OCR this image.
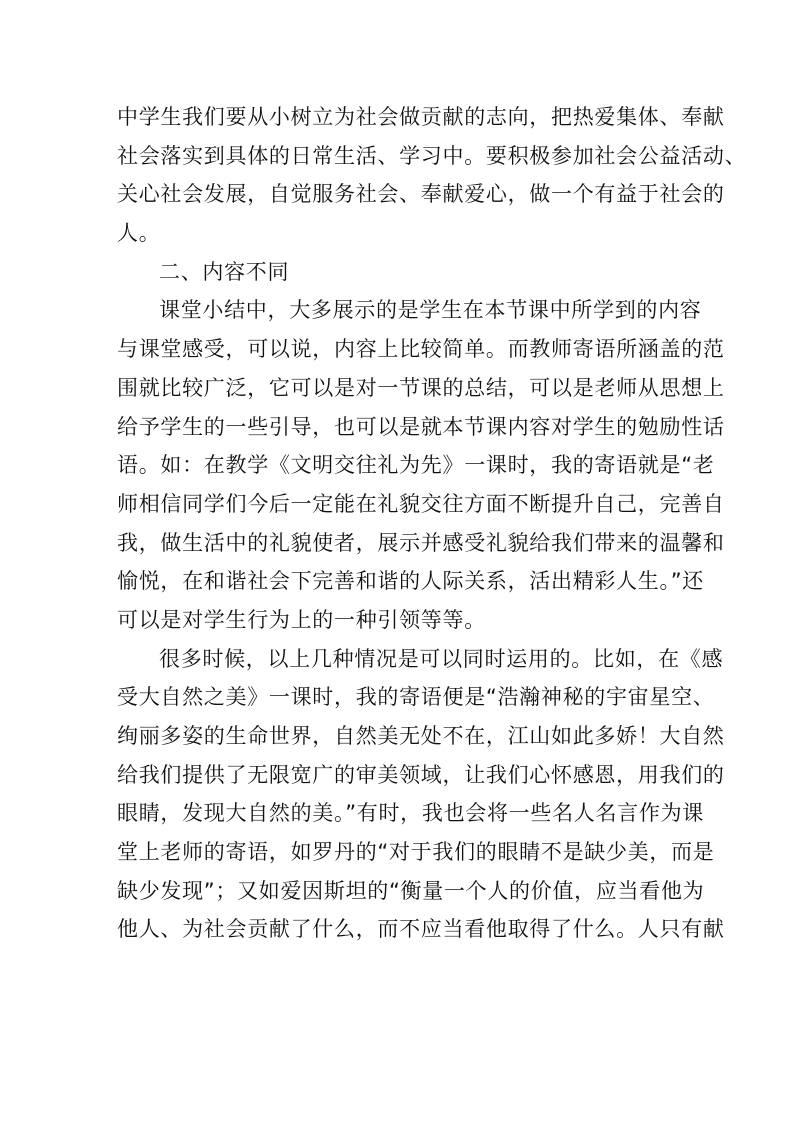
中学生我们要从小树立为社会做贡献的志向，把热爱集体、奉献
社会落实到具体的日常生活、学习中。要积极参加社会公益活动、
关心社会发展，自觉服务社会、奉献爱心，做一个有益于社会的
人。
二、内容不同
课堂小结中，大多展示的是学生在本节课中所学到的内容
与课堂感受，可以说，内容上比较简单。而教师寄语所涵盖的范
围就比较广泛，它可以是对一节课的总结，可以是老师从思想上
给予学生的一些引导，也可以是就本节课内容对学生的勉励性话
语。如：在教学《文明交往礼为先》一课时，我的寄语就是“老
师相信同学们今后一定能在礼貌交往方面不断提升自己，完善自
我，做生活中的礼貌使者，展示并感受礼貌给我们带来的温馨和
愉悦，在和谐社会下完善和谐的人际关系，活出精彩人生。”还
可以是对学生行为上的一种引领等等。
很多时候，以上几种情况是可以同时运用的。比如，在《感
受大自然之美》一课时，我的寄语便是“浩瀚神秘的宇宙星空、
绚丽多姿的生命世界，自然美无处不在，江山如此多娇！大自然
给我们提供了无限宽广的审美领域，让我们心怀感恩，用我们的
眼睛，发现大自然的美。”有时，我也会将一些名人名言作为课
堂上老师的寄语，如罗丹的“对于我们的眼睛不是缺少美，而是
缺少发现”；又如爱因斯坦的“衡量一个人的价值，应当看他为
他人、为社会贡献了什么，而不应当看他取得了什么。人只有献
